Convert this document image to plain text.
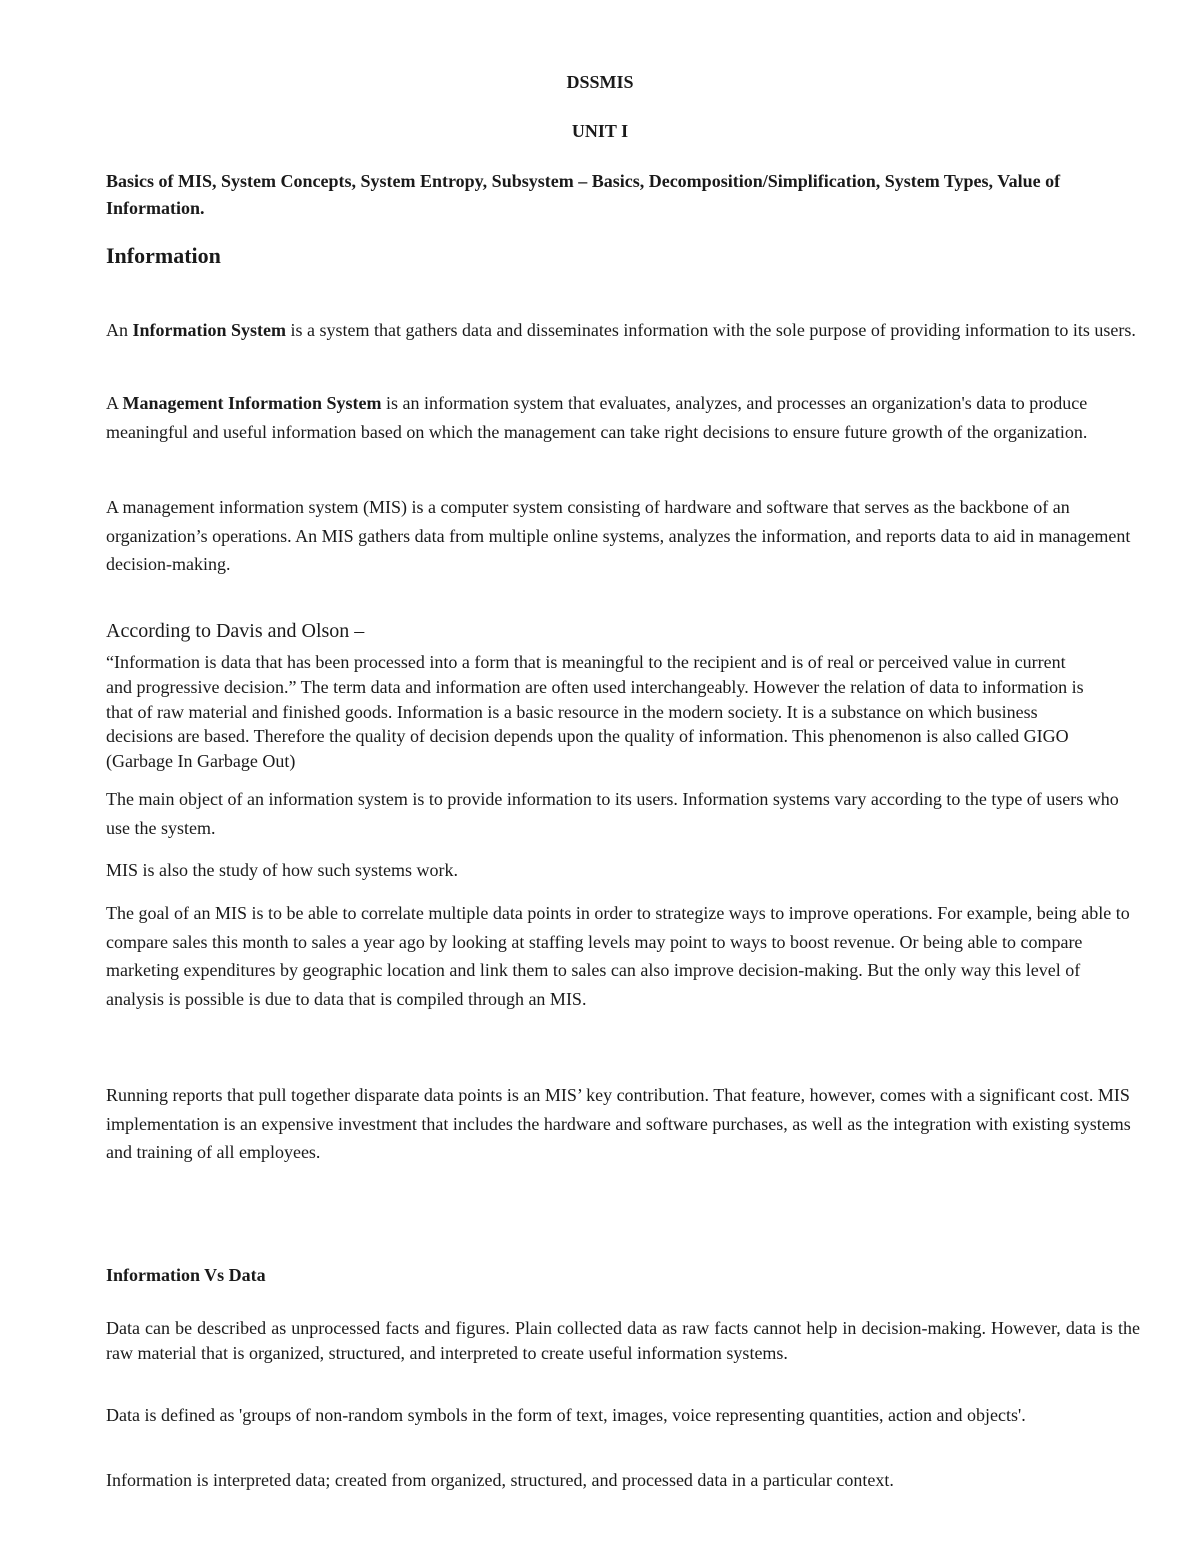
DSSMIS
UNIT I

Basics of MIS, System Concepts, System Entropy, Subsystem – Basics, Decomposition/Simplification, System Types, Value of Information.

Information

An Information System is a system that gathers data and disseminates information with the sole purpose of providing information to its users.

A Management Information System is an information system that evaluates, analyzes, and processes an organization's data to produce meaningful and useful information based on which the management can take right decisions to ensure future growth of the organization.

A management information system (MIS) is a computer system consisting of hardware and software that serves as the backbone of an organization’s operations. An MIS gathers data from multiple online systems, analyzes the information, and reports data to aid in management decision-making.

According to Davis and Olson –

“Information is data that has been processed into a form that is meaningful to the recipient and is of real or perceived value in current and progressive decision.” The term data and information are often used interchangeably. However the relation of data to information is that of raw material and finished goods. Information is a basic resource in the modern society. It is a substance on which business decisions are based. Therefore the quality of decision depends upon the quality of information. This phenomenon is also called GIGO (Garbage In Garbage Out)

The main object of an information system is to provide information to its users. Information systems vary according to the type of users who use the system.

MIS is also the study of how such systems work.

The goal of an MIS is to be able to correlate multiple data points in order to strategize ways to improve operations. For example, being able to compare sales this month to sales a year ago by looking at staffing levels may point to ways to boost revenue. Or being able to compare marketing expenditures by geographic location and link them to sales can also improve decision-making. But the only way this level of analysis is possible is due to data that is compiled through an MIS.

Running reports that pull together disparate data points is an MIS’ key contribution. That feature, however, comes with a significant cost. MIS implementation is an expensive investment that includes the hardware and software purchases, as well as the integration with existing systems and training of all employees.

Information Vs Data

Data can be described as unprocessed facts and figures. Plain collected data as raw facts cannot help in decision-making. However, data is the raw material that is organized, structured, and interpreted to create useful information systems.

Data is defined as 'groups of non-random symbols in the form of text, images, voice representing quantities, action and objects'.

Information is interpreted data; created from organized, structured, and processed data in a particular context.
